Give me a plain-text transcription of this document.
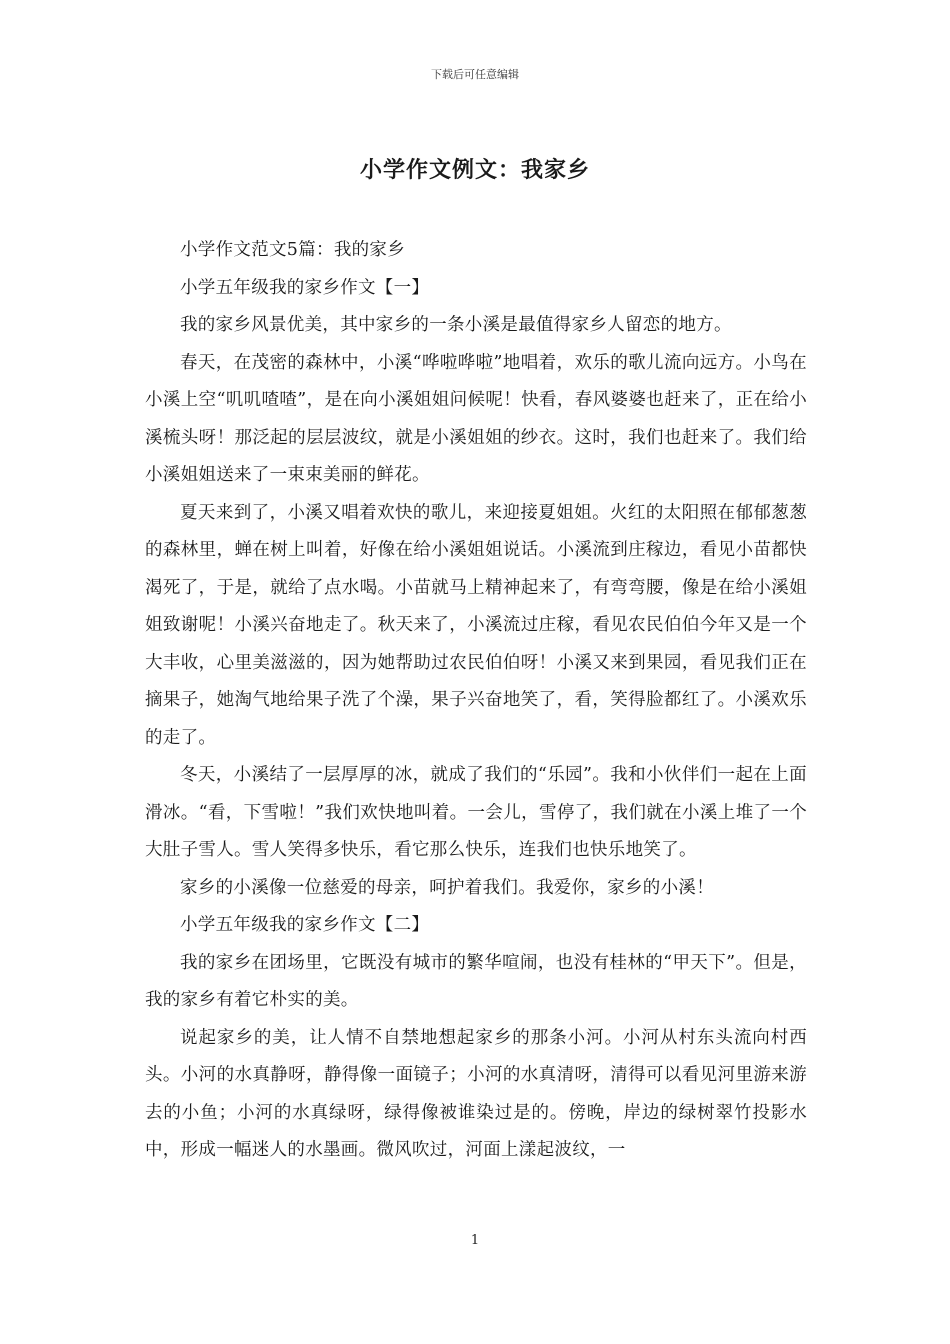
下载后可任意编辑
小学作文例文：我家乡

小学作文范文5篇：我的家乡

小学五年级我的家乡作文【一】

我的家乡风景优美，其中家乡的一条小溪是最值得家乡人留恋的地方。

春天，在茂密的森林中，小溪“哗啦哗啦”地唱着，欢乐的歌儿流向远方。小鸟在小溪上空“叽叽喳喳”，是在向小溪姐姐问候呢！快看，春风婆婆也赶来了，正在给小溪梳头呀！那泛起的层层波纹，就是小溪姐姐的纱衣。这时，我们也赶来了。我们给小溪姐姐送来了一束束美丽的鲜花。

夏天来到了，小溪又唱着欢快的歌儿，来迎接夏姐姐。火红的太阳照在郁郁葱葱的森林里，蝉在树上叫着，好像在给小溪姐姐说话。小溪流到庄稼边，看见小苗都快渴死了，于是，就给了点水喝。小苗就马上精神起来了，有弯弯腰，像是在给小溪姐姐致谢呢！小溪兴奋地走了。秋天来了，小溪流过庄稼，看见农民伯伯今年又是一个大丰收，心里美滋滋的，因为她帮助过农民伯伯呀！小溪又来到果园，看见我们正在摘果子，她淘气地给果子洗了个澡，果子兴奋地笑了，看，笑得脸都红了。小溪欢乐的走了。

冬天，小溪结了一层厚厚的冰，就成了我们的“乐园”。我和小伙伴们一起在上面滑冰。“看，下雪啦！”我们欢快地叫着。一会儿，雪停了，我们就在小溪上堆了一个大肚子雪人。雪人笑得多快乐，看它那么快乐，连我们也快乐地笑了。

家乡的小溪像一位慈爱的母亲，呵护着我们。我爱你，家乡的小溪！

小学五年级我的家乡作文【二】

我的家乡在团场里，它既没有城市的繁华喧闹，也没有桂林的“甲天下”。但是，我的家乡有着它朴实的美。

说起家乡的美，让人情不自禁地想起家乡的那条小河。小河从村东头流向村西头。小河的水真静呀，静得像一面镜子；小河的水真清呀，清得可以看见河里游来游去的小鱼；小河的水真绿呀，绿得像被谁染过是的。傍晚，岸边的绿树翠竹投影水中，形成一幅迷人的水墨画。微风吹过，河面上漾起波纹，一

1
